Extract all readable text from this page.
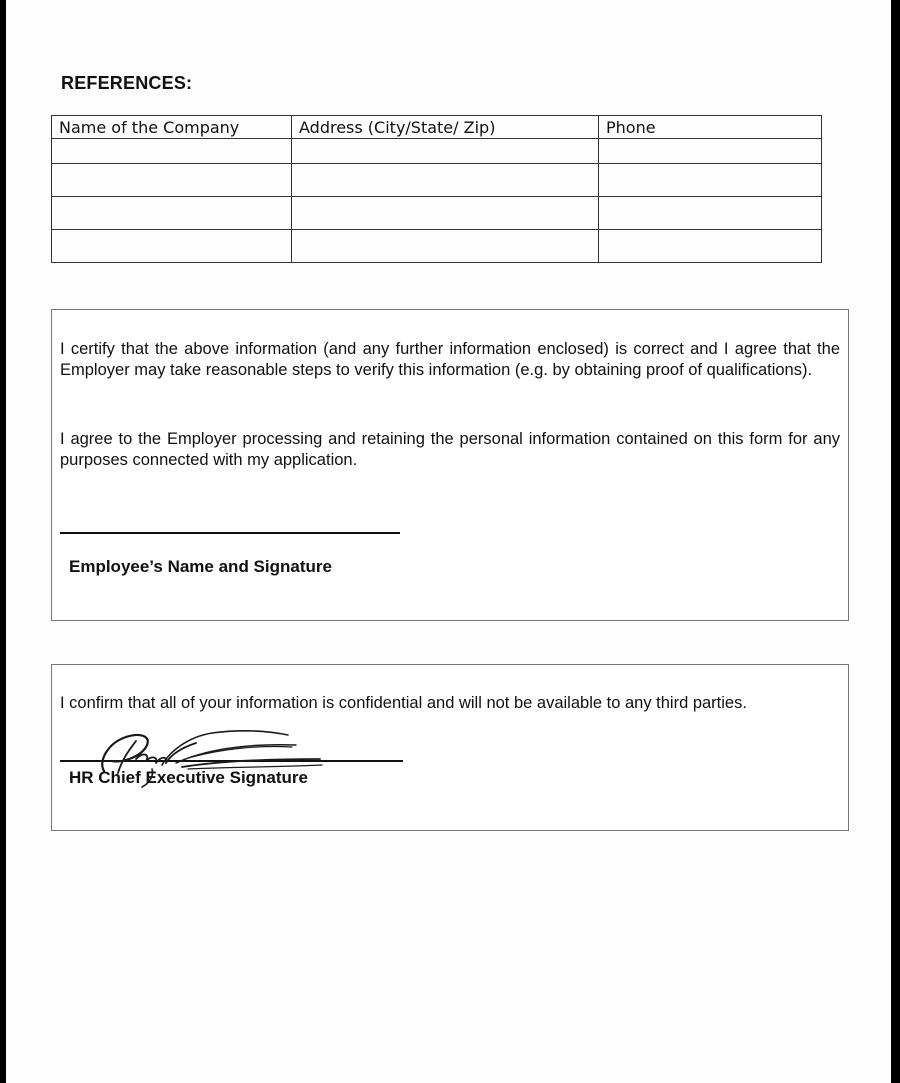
REFERENCES:
Name of the Company	Address (City/State/ Zip)	Phone

I certify that the above information (and any further information enclosed) is correct and I agree that the Employer may take reasonable steps to verify this information (e.g. by obtaining proof of qualifications).

I agree to the Employer processing and retaining the personal information contained on this form for any purposes connected with my application.

Employee’s Name and Signature

I confirm that all of your information is confidential and will not be available to any third parties.

HR Chief Executive Signature
